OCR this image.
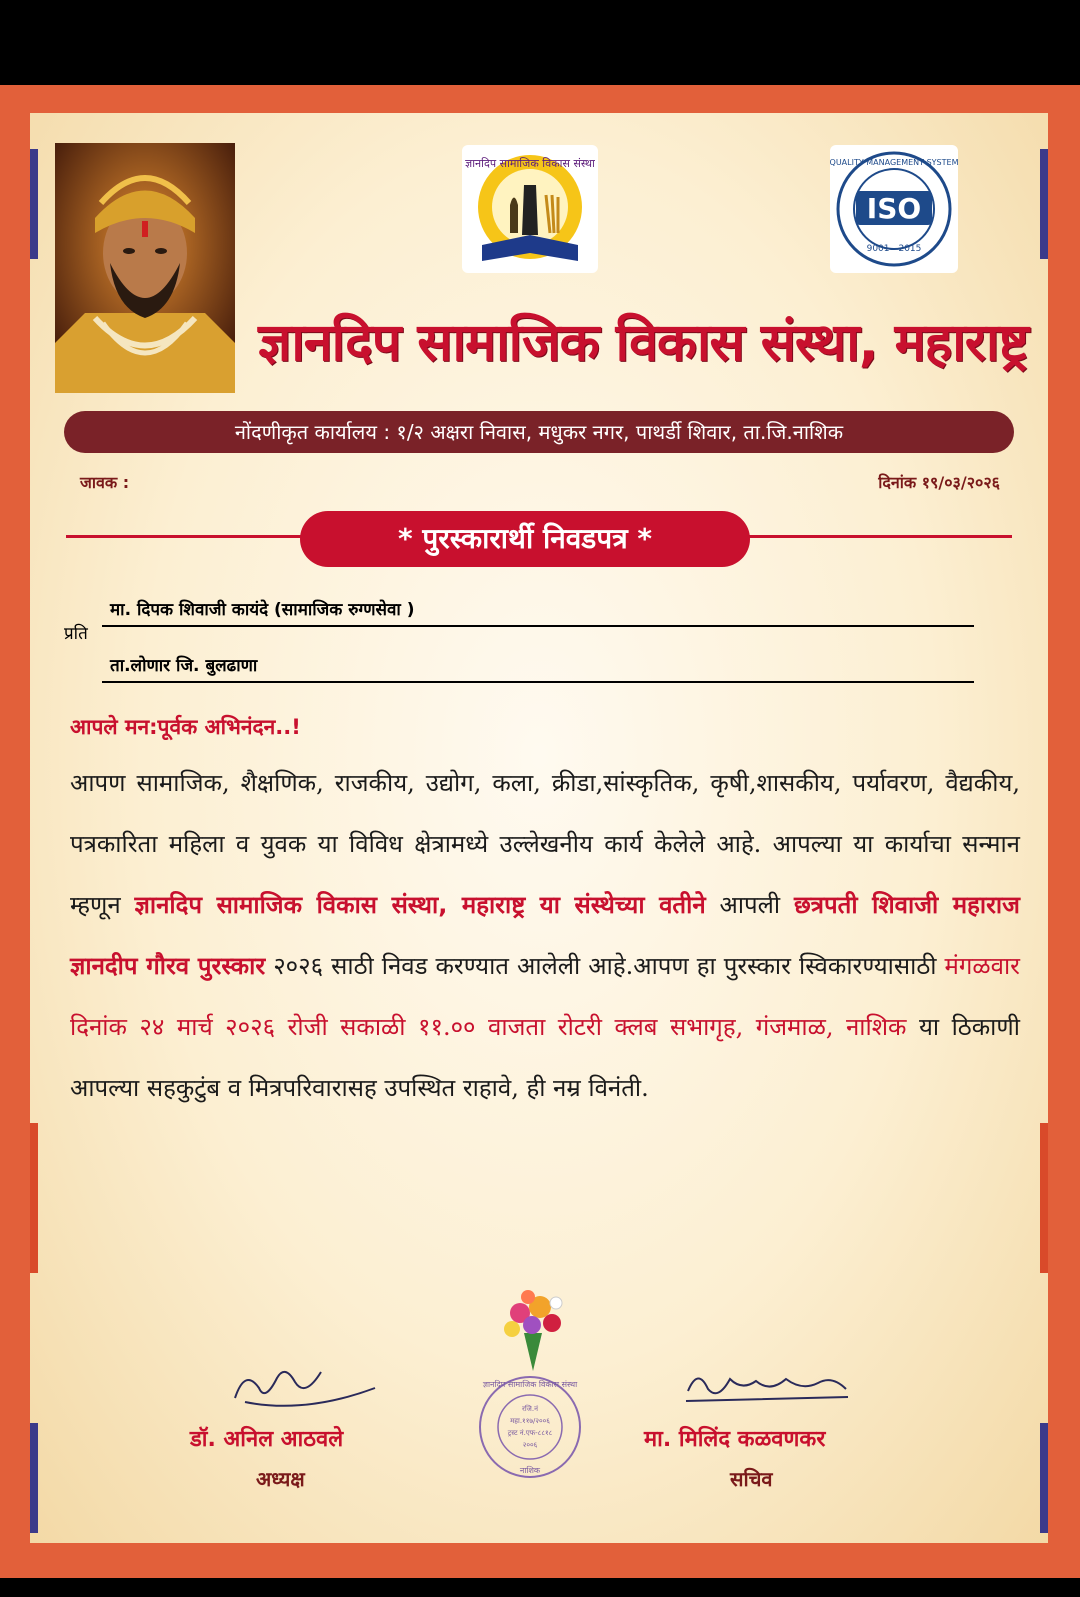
ज्ञानदिप सामाजिक विकास संस्था
ISO
QUALITY MANAGEMENT SYSTEM
9001 - 2015
ज्ञानदिप सामाजिक विकास संस्था, महाराष्ट्र
नोंदणीकृत कार्यालय : १/२ अक्षरा निवास, मधुकर नगर, पाथर्डी शिवार, ता.जि.नाशिक
जावक :	दिनांक १९/०३/२०२६
* पुरस्कारार्थी निवडपत्र *
प्रति
मा. दिपक शिवाजी कायंदे (सामाजिक रुग्णसेवा )
ता.लोणार जि. बुलढाणा
आपले मन:पूर्वक अभिनंदन..!
आपण सामाजिक, शैक्षणिक, राजकीय, उद्योग, कला, क्रीडा,सांस्कृतिक, कृषी,शासकीय, पर्यावरण, वैद्यकीय, पत्रकारिता महिला व युवक या विविध क्षेत्रामध्ये उल्लेखनीय कार्य केलेले आहे. आपल्या या कार्याचा सन्मान म्हणून ज्ञानदिप सामाजिक विकास संस्था, महाराष्ट्र या संस्थेच्या वतीने आपली छत्रपती शिवाजी महाराज ज्ञानदीप गौरव पुरस्कार २०२६ साठी निवड करण्यात आलेली आहे.आपण हा पुरस्कार स्विकारण्यासाठी मंगळवार दिनांक २४ मार्च २०२६ रोजी सकाळी ११.०० वाजता रोटरी क्लब सभागृह, गंजमाळ, नाशिक या ठिकाणी आपल्या सहकुटुंब व मित्रपरिवारासह उपस्थित राहावे, ही नम्र विनंती.
ज्ञानदिप सामाजिक विकास संस्था
रजि.नं
महा.११७/२००६
ट्रस्ट नं.एफ-८८१८
२००६
नाशिक
डॉ. अनिल आठवले
अध्यक्ष
मा. मिलिंद कळवणकर
सचिव
